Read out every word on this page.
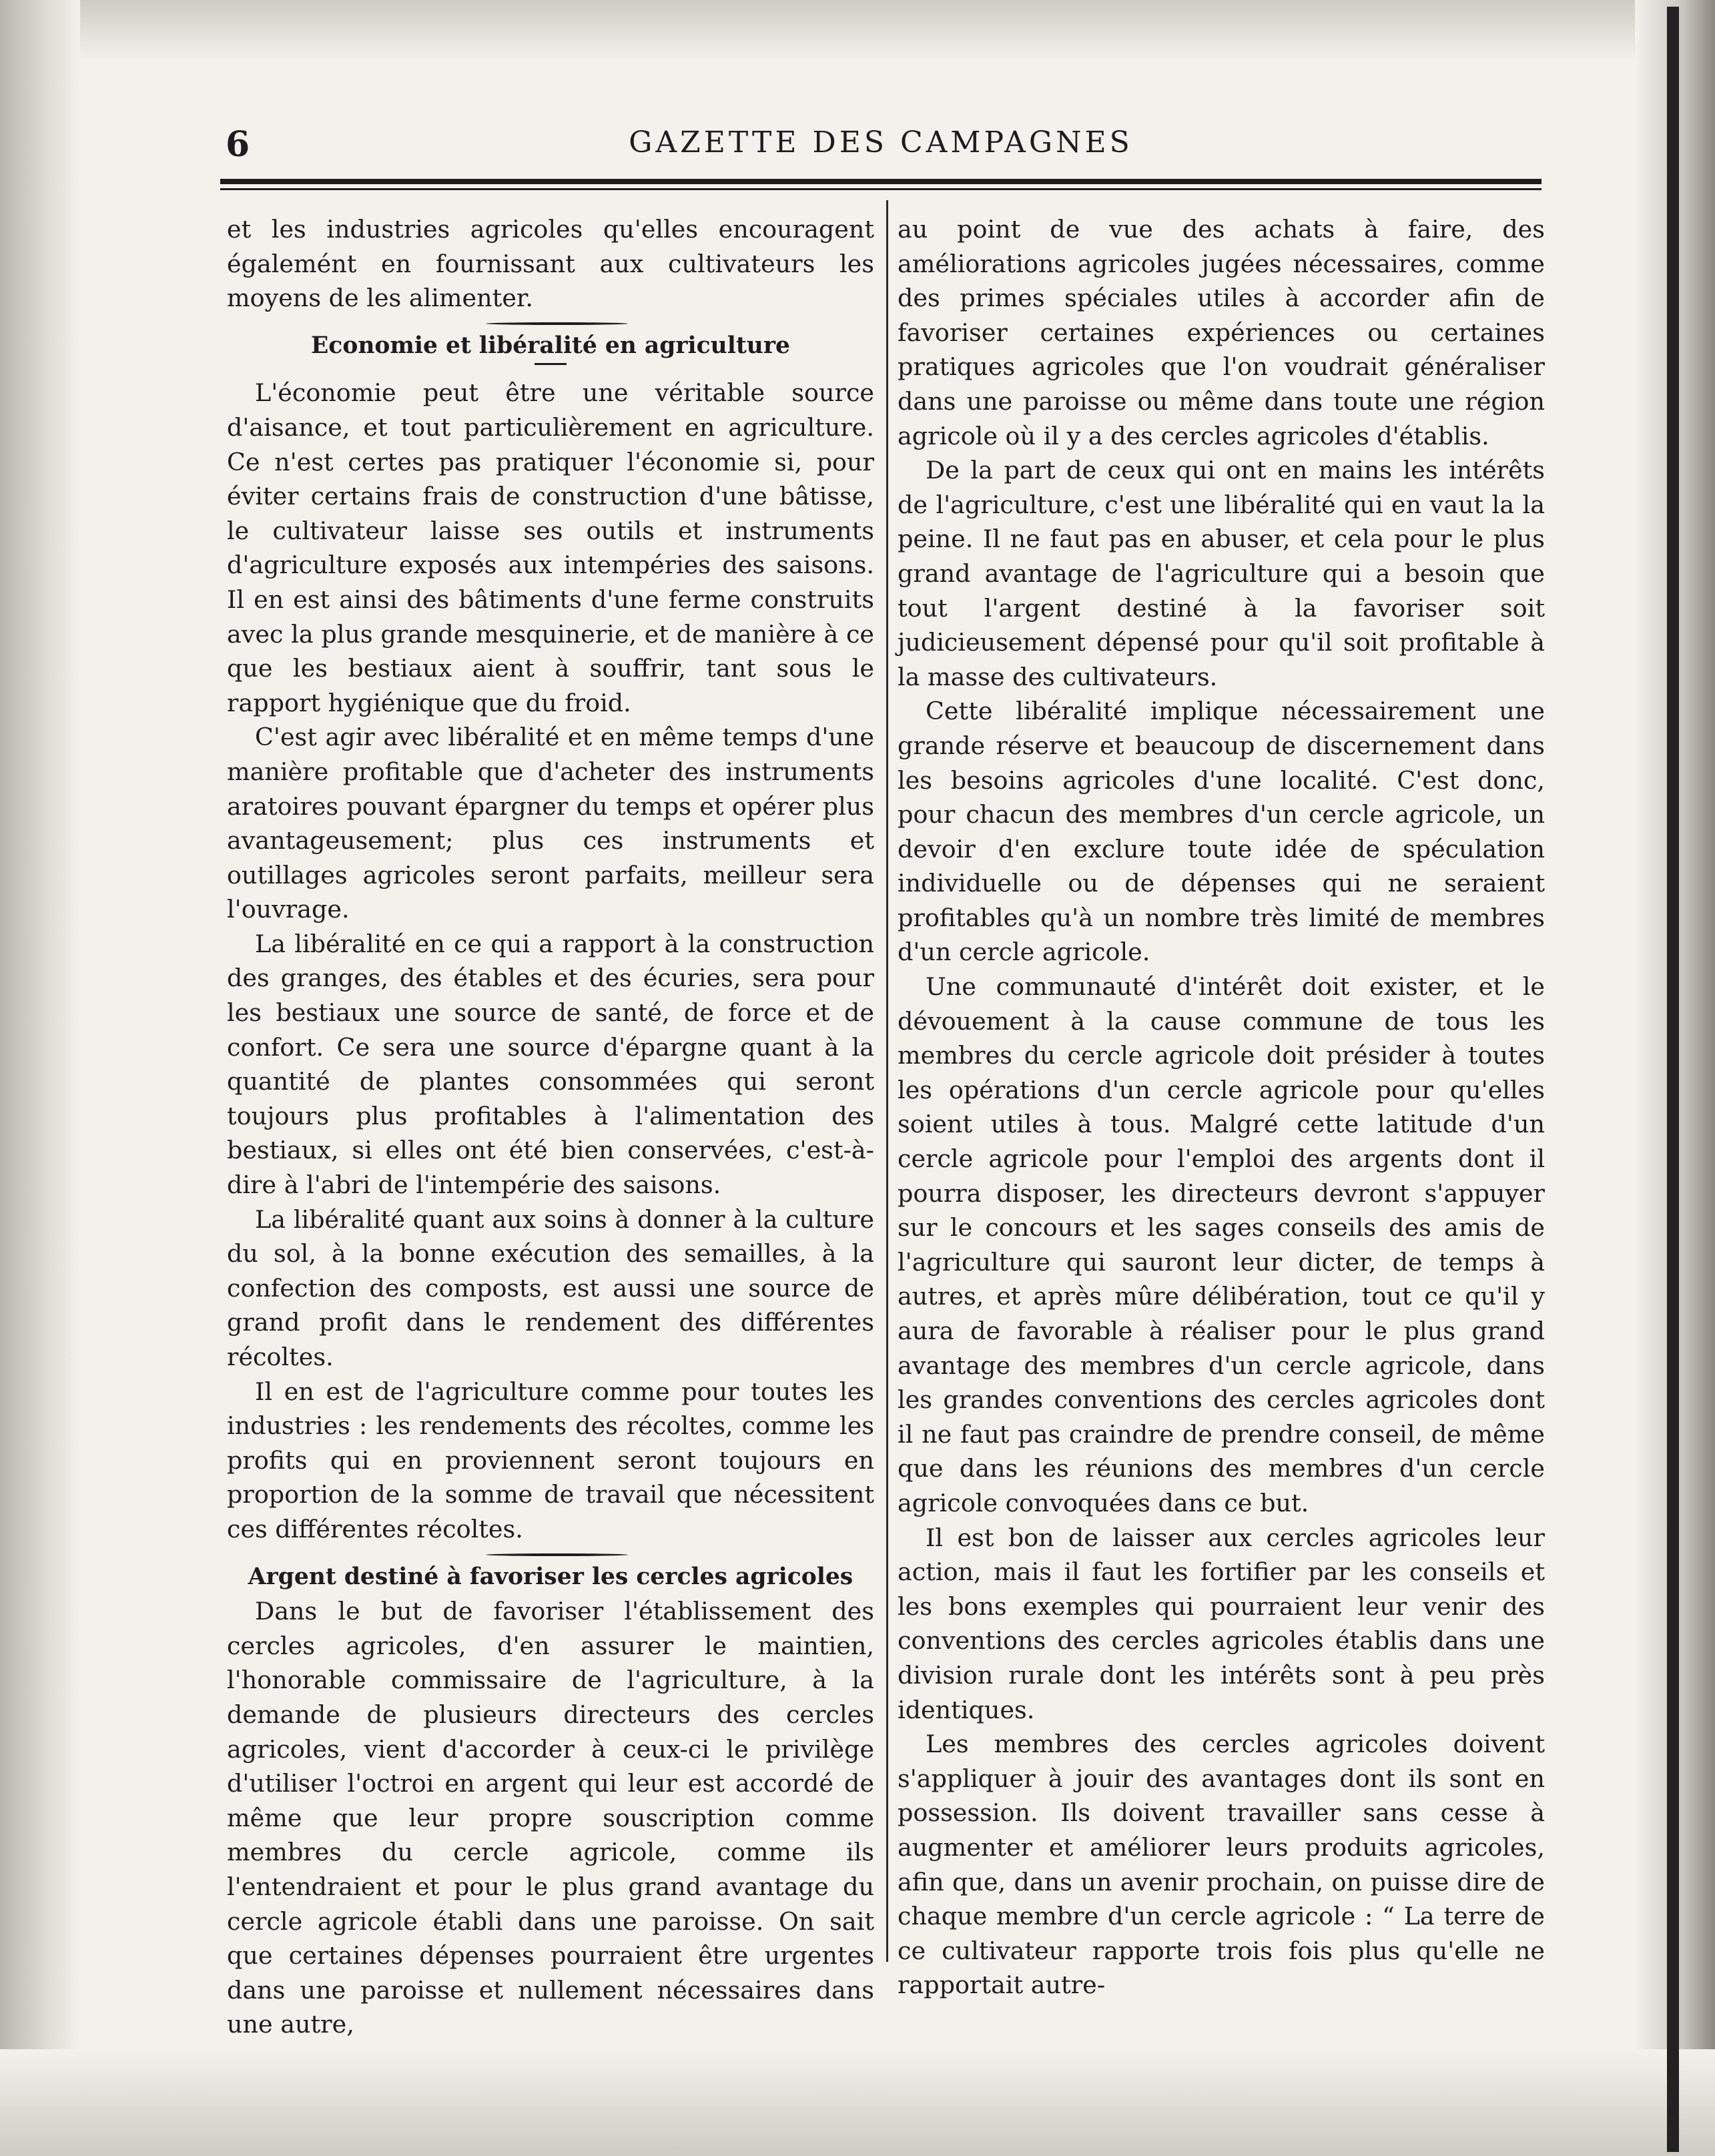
6	GAZETTE DES CAMPAGNES

et les industries agricoles qu'elles encouragent égalemént en fournissant aux cultivateurs les moyens de les alimenter.

Economie et libéralité en agriculture

L'économie peut être une véritable source d'aisance, et tout particulièrement en agriculture. Ce n'est certes pas pratiquer l'économie si, pour éviter certains frais de construction d'une bâtisse, le cultivateur laisse ses outils et instruments d'agriculture exposés aux intempéries des saisons. Il en est ainsi des bâtiments d'une ferme construits avec la plus grande mesquinerie, et de manière à ce que les bestiaux aient à souffrir, tant sous le rapport hygiénique que du froid.

C'est agir avec libéralité et en même temps d'une manière profitable que d'acheter des instruments aratoires pouvant épargner du temps et opérer plus avantageusement; plus ces instruments et outillages agricoles seront parfaits, meilleur sera l'ouvrage.

La libéralité en ce qui a rapport à la construction des granges, des étables et des écuries, sera pour les bestiaux une source de santé, de force et de confort. Ce sera une source d'épargne quant à la quantité de plantes consommées qui seront toujours plus profitables à l'alimentation des bestiaux, si elles ont été bien conservées, c'est-à-dire à l'abri de l'intempérie des saisons.

La libéralité quant aux soins à donner à la culture du sol, à la bonne exécution des semailles, à la confection des composts, est aussi une source de grand profit dans le rendement des différentes récoltes.

Il en est de l'agriculture comme pour toutes les industries : les rendements des récoltes, comme les profits qui en proviennent seront toujours en proportion de la somme de travail que nécessitent ces différentes récoltes.

Argent destiné à favoriser les cercles agricoles

Dans le but de favoriser l'établissement des cercles agricoles, d'en assurer le maintien, l'honorable commissaire de l'agriculture, à la demande de plusieurs directeurs des cercles agricoles, vient d'accorder à ceux-ci le privilège d'utiliser l'octroi en argent qui leur est accordé de même que leur propre souscription comme membres du cercle agricole, comme ils l'entendraient et pour le plus grand avantage du cercle agricole établi dans une paroisse. On sait que certaines dépenses pourraient être urgentes dans une paroisse et nullement nécessaires dans une autre,

au point de vue des achats à faire, des améliorations agricoles jugées nécessaires, comme des primes spéciales utiles à accorder afin de favoriser certaines expériences ou certaines pratiques agricoles que l'on voudrait généraliser dans une paroisse ou même dans toute une région agricole où il y a des cercles agricoles d'établis.

De la part de ceux qui ont en mains les intérêts de l'agriculture, c'est une libéralité qui en vaut la la peine. Il ne faut pas en abuser, et cela pour le plus grand avantage de l'agriculture qui a besoin que tout l'argent destiné à la favoriser soit judicieusement dépensé pour qu'il soit profitable à la masse des cultivateurs.

Cette libéralité implique nécessairement une grande réserve et beaucoup de discernement dans les besoins agricoles d'une localité. C'est donc, pour chacun des membres d'un cercle agricole, un devoir d'en exclure toute idée de spéculation individuelle ou de dépenses qui ne seraient profitables qu'à un nombre très limité de membres d'un cercle agricole.

Une communauté d'intérêt doit exister, et le dévouement à la cause commune de tous les membres du cercle agricole doit présider à toutes les opérations d'un cercle agricole pour qu'elles soient utiles à tous. Malgré cette latitude d'un cercle agricole pour l'emploi des argents dont il pourra disposer, les directeurs devront s'appuyer sur le concours et les sages conseils des amis de l'agriculture qui sauront leur dicter, de temps à autres, et après mûre délibération, tout ce qu'il y aura de favorable à réaliser pour le plus grand avantage des membres d'un cercle agricole, dans les grandes conventions des cercles agricoles dont il ne faut pas craindre de prendre conseil, de même que dans les réunions des membres d'un cercle agricole convoquées dans ce but.

Il est bon de laisser aux cercles agricoles leur action, mais il faut les fortifier par les conseils et les bons exemples qui pourraient leur venir des conventions des cercles agricoles établis dans une division rurale dont les intérêts sont à peu près identiques.

Les membres des cercles agricoles doivent s'appliquer à jouir des avantages dont ils sont en possession. Ils doivent travailler sans cesse à augmenter et améliorer leurs produits agricoles, afin que, dans un avenir prochain, on puisse dire de chaque membre d'un cercle agricole : “ La terre de ce cultivateur rapporte trois fois plus qu'elle ne rapportait autre-
